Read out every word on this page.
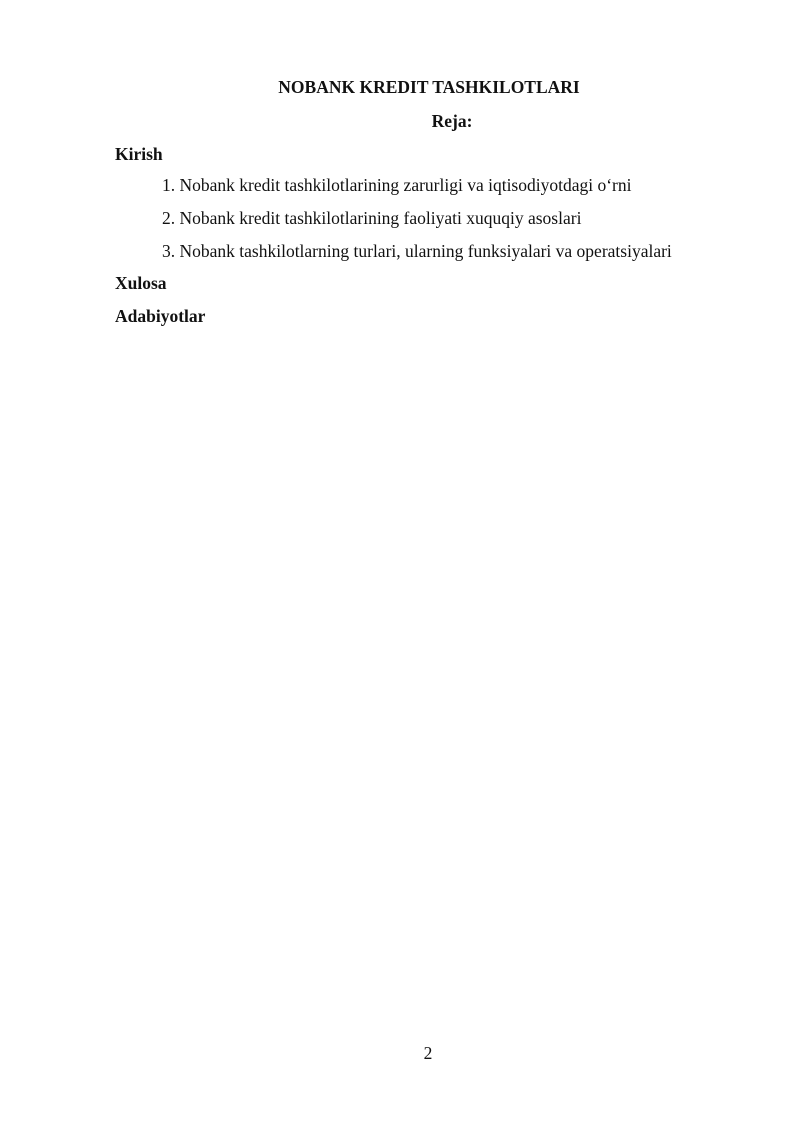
NOBANK KREDIT TASHKILOTLARI
Reja:
Kirish
1. Nobank kredit tashkilotlarining zarurligi va iqtisodiyotdagi o‘rni
2. Nobank kredit tashkilotlarining faoliyati xuquqiy asoslari
3. Nobank tashkilotlarning turlari, ularning funksiyalari va operatsiyalari
Xulosa
Adabiyotlar
2
